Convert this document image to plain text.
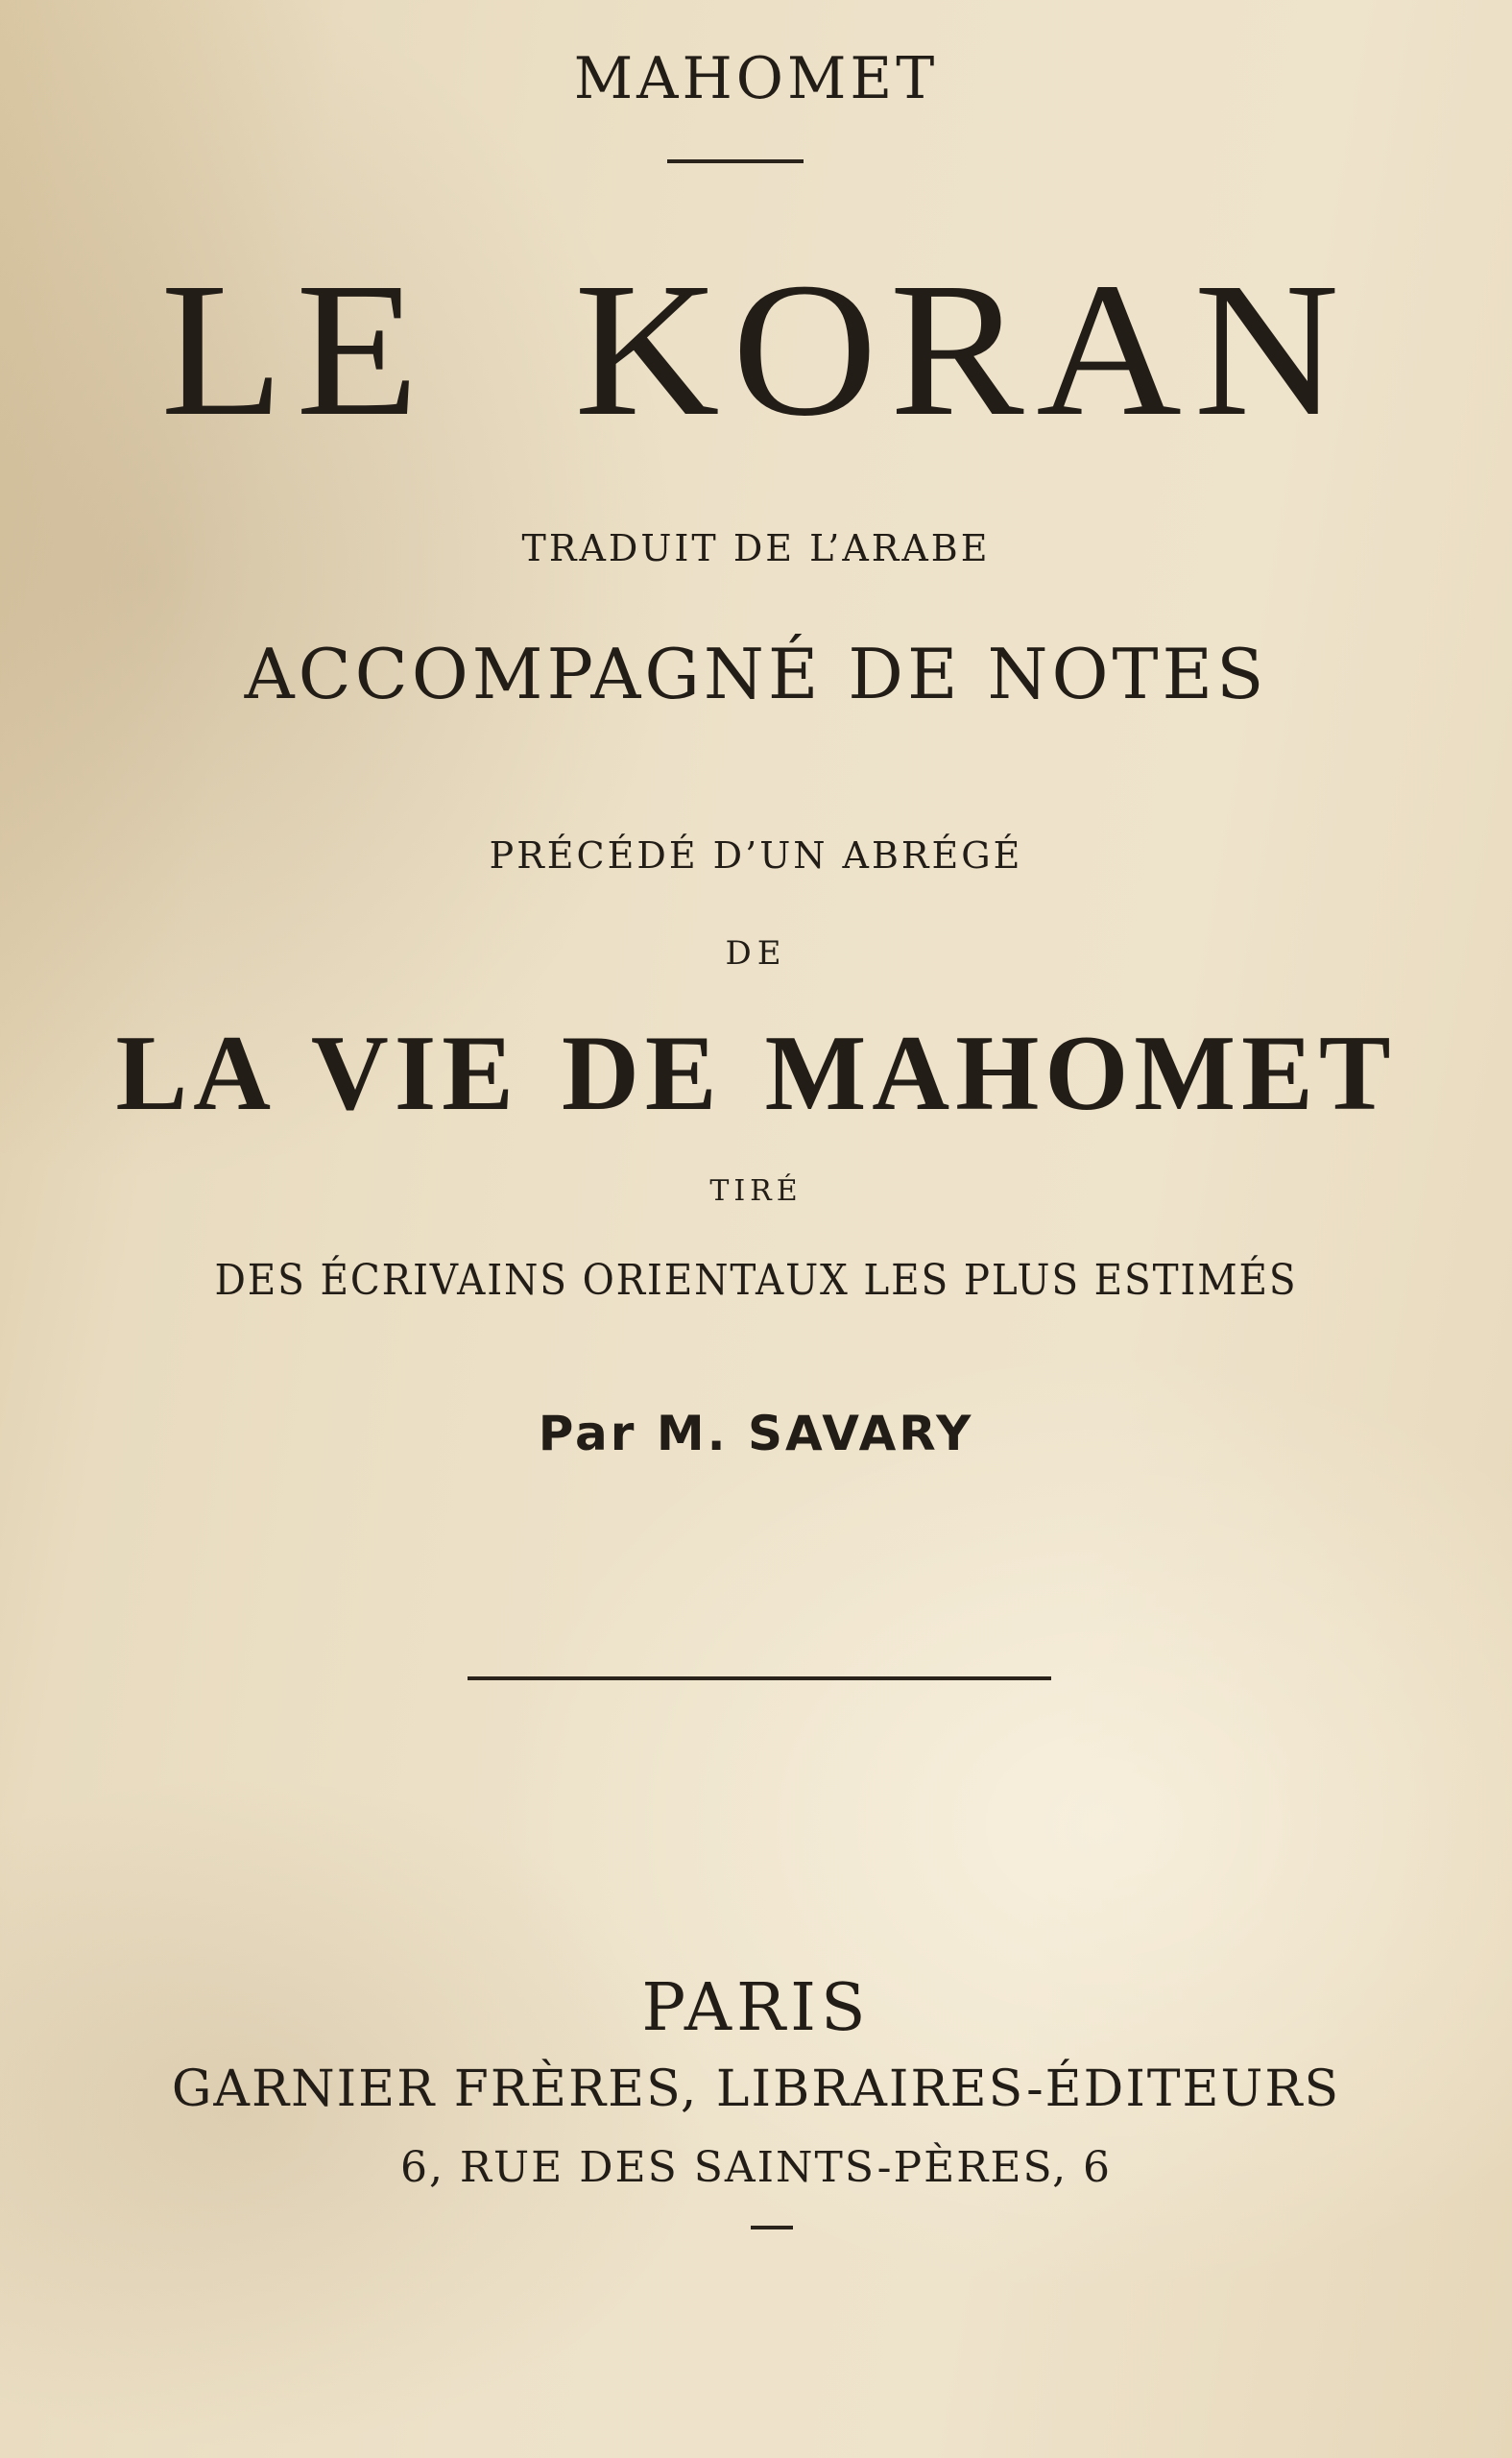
MAHOMET
LE KORAN
TRADUIT DE L’ARABE
ACCOMPAGNÉ DE NOTES
PRÉCÉDÉ D’UN ABRÉGÉ
DE
LA VIE DE MAHOMET
TIRÉ
DES ÉCRIVAINS ORIENTAUX LES PLUS ESTIMÉS
Par M. SAVARY
PARIS
GARNIER FRÈRES, LIBRAIRES-ÉDITEURS
6, RUE DES SAINTS-PÈRES, 6
